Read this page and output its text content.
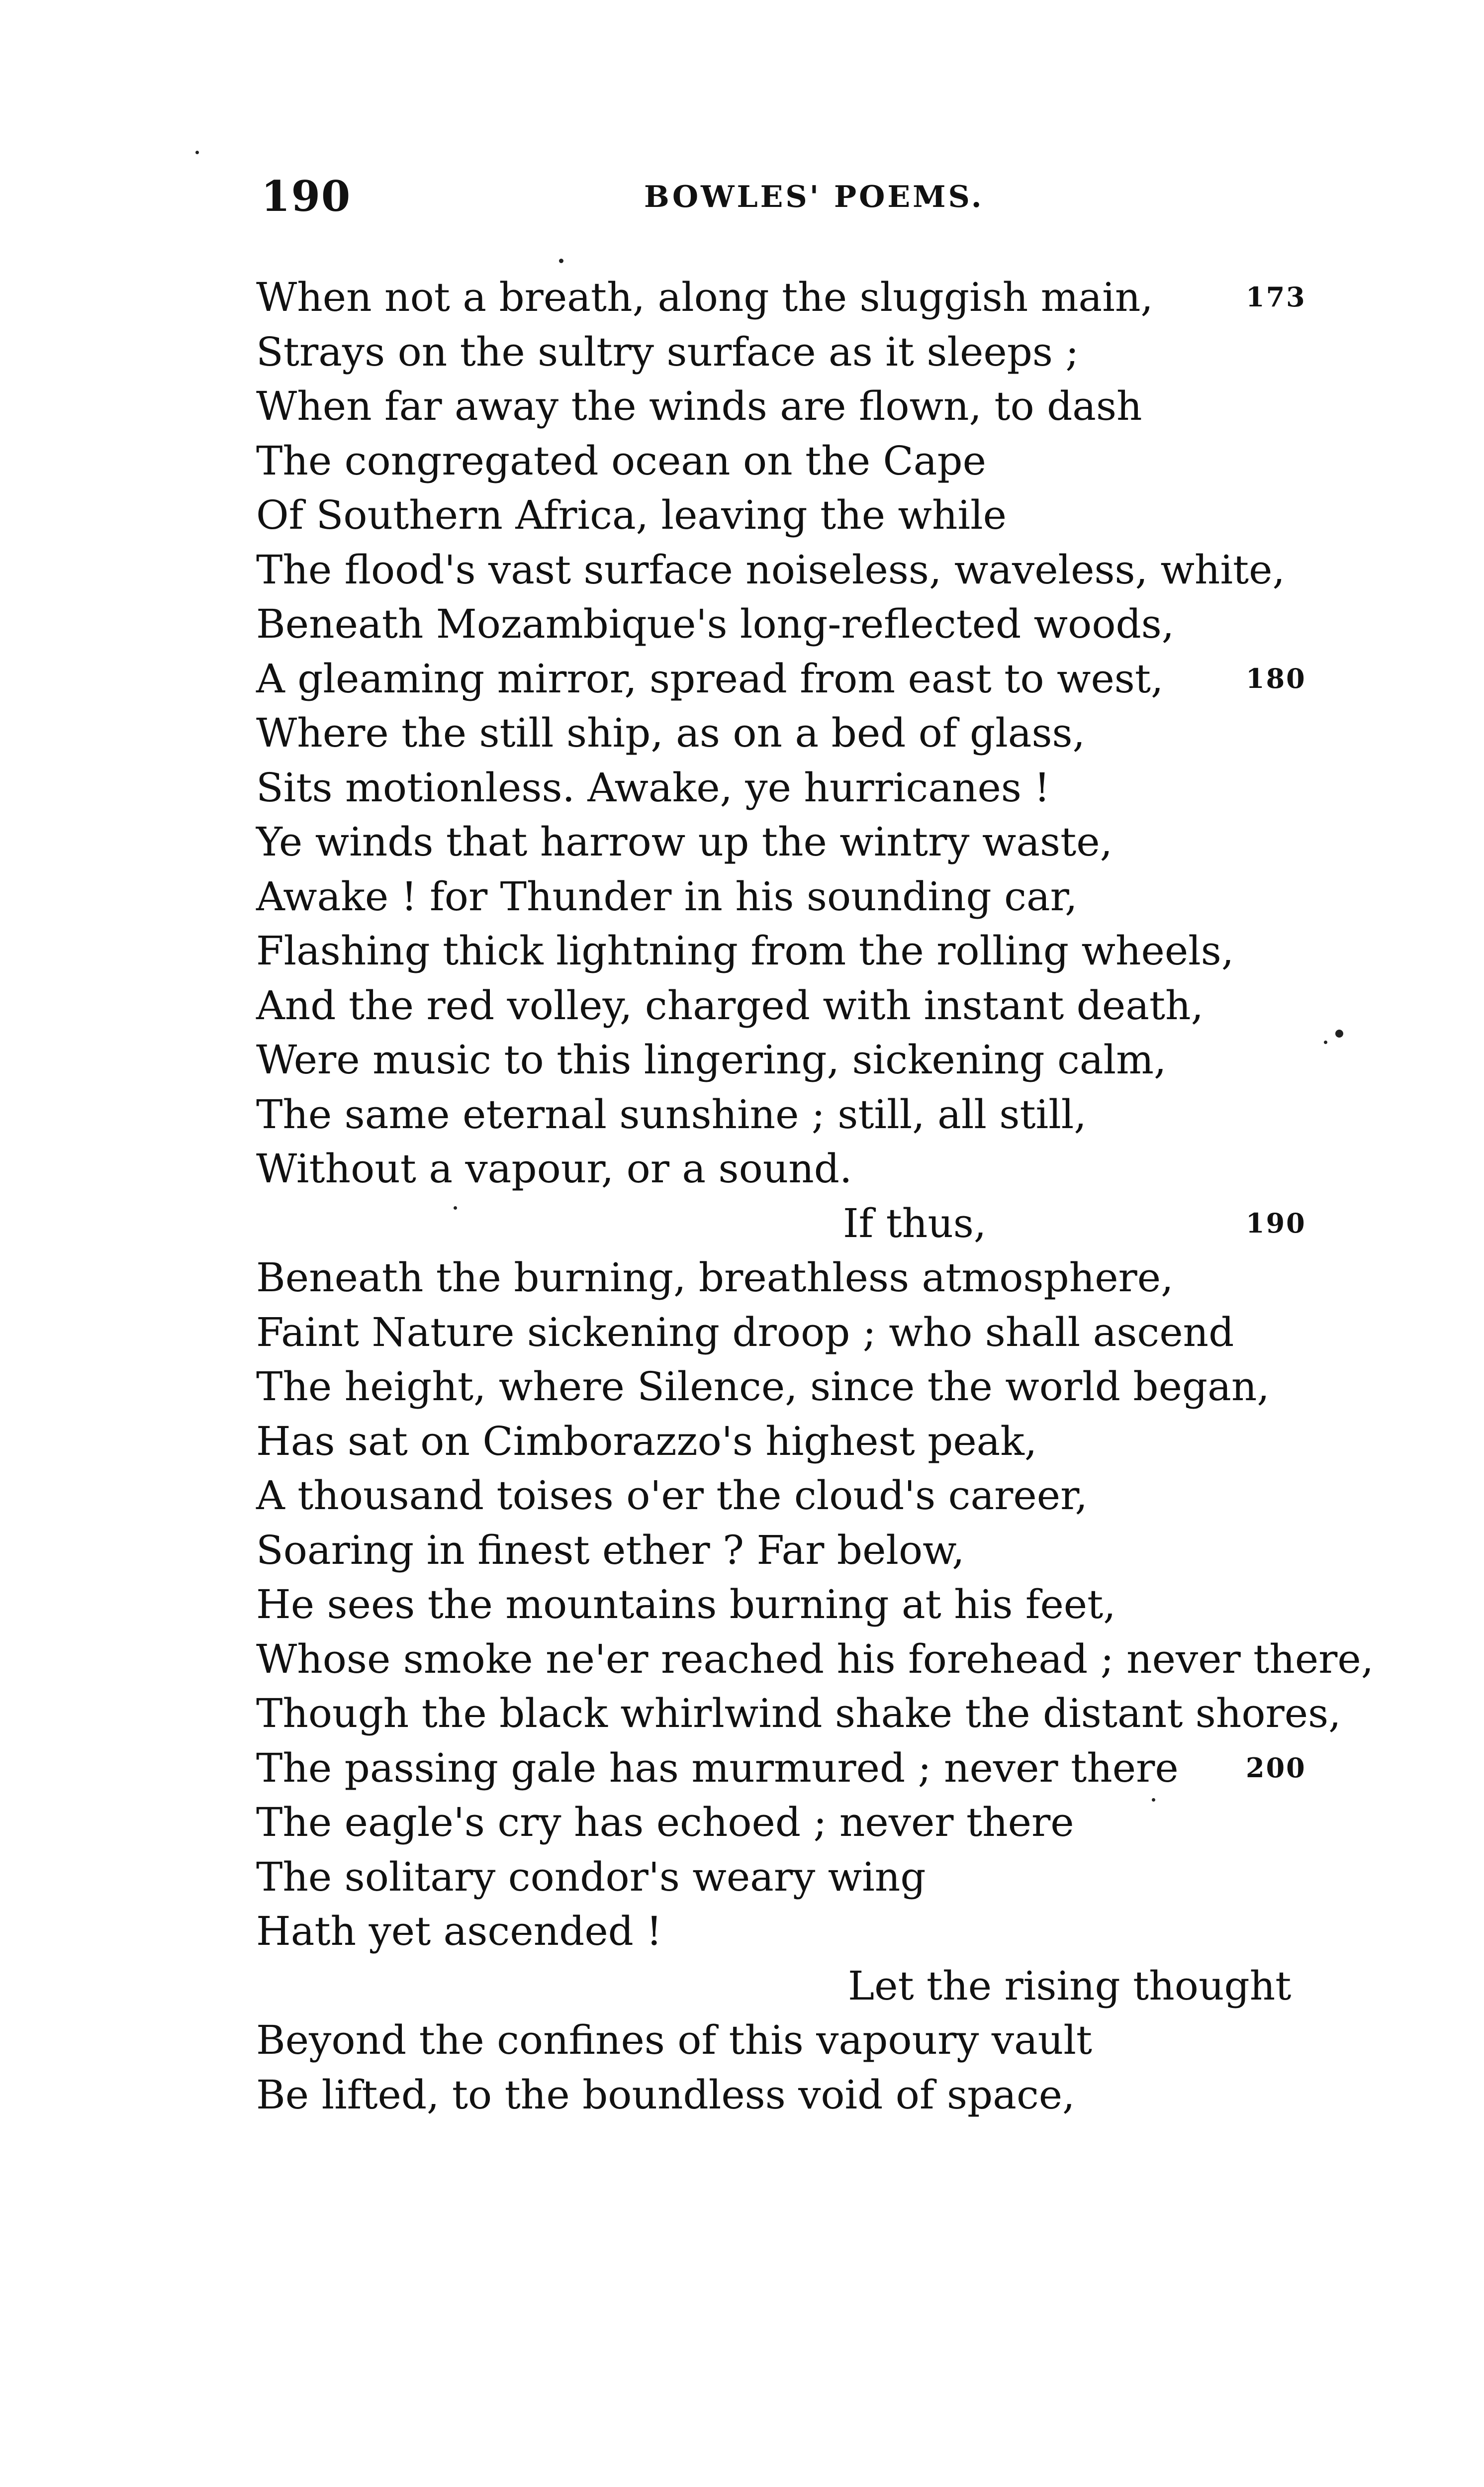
190	BOWLES' POEMS.
When not a breath, along the sluggish main,	173
Strays on the sultry surface as it sleeps ;
When far away the winds are flown, to dash
The congregated ocean on the Cape
Of Southern Africa, leaving the while
The flood's vast surface noiseless, waveless, white,
Beneath Mozambique's long-reflected woods,
A gleaming mirror, spread from east to west,	180
Where the still ship, as on a bed of glass,
Sits motionless. Awake, ye hurricanes !
Ye winds that harrow up the wintry waste,
Awake ! for Thunder in his sounding car,
Flashing thick lightning from the rolling wheels,
And the red volley, charged with instant death,
Were music to this lingering, sickening calm,
The same eternal sunshine ; still, all still,
Without a vapour, or a sound.
If thus,	190
Beneath the burning, breathless atmosphere,
Faint Nature sickening droop ; who shall ascend
The height, where Silence, since the world began,
Has sat on Cimborazzo's highest peak,
A thousand toises o'er the cloud's career,
Soaring in finest ether ? Far below,
He sees the mountains burning at his feet,
Whose smoke ne'er reached his forehead ; never there,
Though the black whirlwind shake the distant shores,
The passing gale has murmured ; never there	200
The eagle's cry has echoed ; never there
The solitary condor's weary wing
Hath yet ascended !
Let the rising thought
Beyond the confines of this vapoury vault
Be lifted, to the boundless void of space,
